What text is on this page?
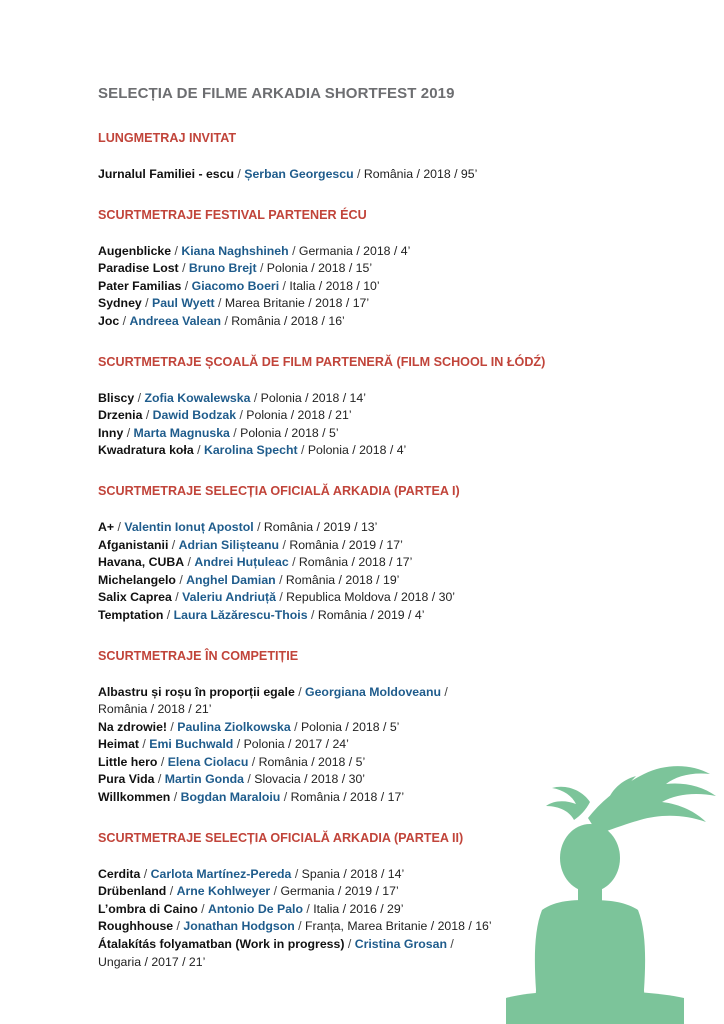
SELECȚIA DE FILME ARKADIA SHORTFEST 2019
LUNGMETRAJ INVITAT
Jurnalul Familiei - escu / Șerban Georgescu / România / 2018 / 95’
SCURTMETRAJE FESTIVAL PARTENER ÉCU
Augenblicke / Kiana Naghshineh / Germania / 2018 / 4’
Paradise Lost / Bruno Brejt / Polonia / 2018 / 15’
Pater Familias / Giacomo Boeri / Italia / 2018 / 10’
Sydney / Paul Wyett / Marea Britanie / 2018 / 17’
Joc / Andreea Valean / România / 2018 / 16’
SCURTMETRAJE ȘCOALĂ DE FILM PARTENERĂ (FILM SCHOOL IN ŁÓDŹ)
Bliscy / Zofia Kowalewska / Polonia / 2018 / 14’
Drzenia / Dawid Bodzak / Polonia / 2018 / 21’
Inny / Marta Magnuska / Polonia / 2018 / 5’
Kwadratura koła / Karolina Specht / Polonia / 2018 / 4’
SCURTMETRAJE SELECȚIA OFICIALĂ ARKADIA (PARTEA I)
A+ / Valentin Ionuț Apostol / România / 2019 / 13’
Afganistanii / Adrian Silișteanu / România / 2019 / 17’
Havana, CUBA / Andrei Huțuleac / România / 2018 / 17’
Michelangelo / Anghel Damian / România / 2018 / 19’
Salix Caprea / Valeriu Andriuță / Republica Moldova / 2018 / 30’
Temptation / Laura Lăzărescu-Thois / România / 2019 / 4’
SCURTMETRAJE ÎN COMPETIȚIE
Albastru și roșu în proporții egale / Georgiana Moldoveanu / România / 2018 / 21’
Na zdrowie! / Paulina Ziolkowska / Polonia / 2018 / 5’
Heimat / Emi Buchwald / Polonia / 2017 / 24’
Little hero / Elena Ciolacu / România / 2018 / 5’
Pura Vida / Martin Gonda / Slovacia / 2018 / 30’
Willkommen / Bogdan Maraloiu / România / 2018 / 17’
SCURTMETRAJE SELECȚIA OFICIALĂ ARKADIA (PARTEA II)
Cerdita / Carlota Martínez-Pereda / Spania / 2018 / 14’
Drübenland / Arne Kohlweyer / Germania / 2019 / 17’
L’ombra di Caino / Antonio De Palo / Italia / 2016 / 29’
Roughhouse / Jonathan Hodgson / Franța, Marea Britanie / 2018 / 16’
Átalakítás folyamatban (Work in progress) / Cristina Grosan / Ungaria / 2017 / 21’
